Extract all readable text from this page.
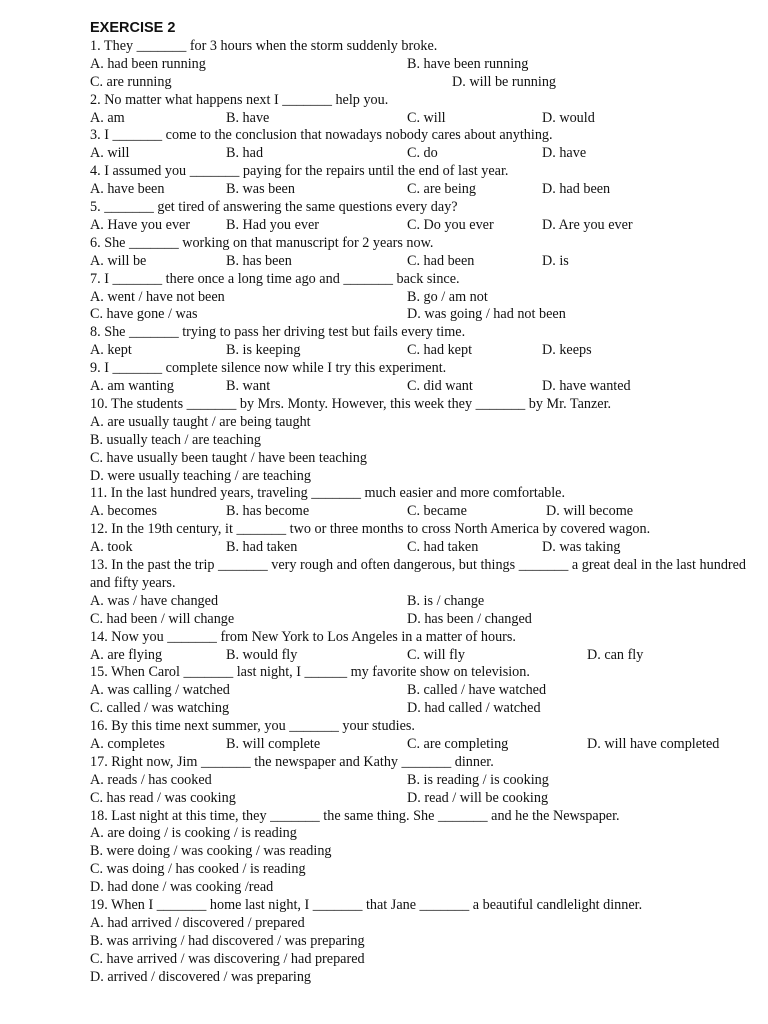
EXERCISE 2
1. They _______ for 3 hours when the storm suddenly broke.
A. had been running	B. have been running
C. are running	D. will be running
2. No matter what happens next I _______ help you.
A. am	B. have	C. will	D. would
3. I _______ come to the conclusion that nowadays nobody cares about anything.
A. will	B. had	C. do	D. have
4. I assumed you _______ paying for the repairs until the end of last year.
A. have been	B. was been	C. are being	D. had been
5. _______ get tired of answering the same questions every day?
A. Have you ever	B. Had you ever	C. Do you ever	D. Are you ever
6. She _______ working on that manuscript for 2 years now.
A. will be	B. has been	C. had been	D. is
7. I _______ there once a long time ago and _______ back since.
A. went / have not been	B. go / am not
C. have gone / was	D. was going / had not been
8. She _______ trying to pass her driving test but fails every time.
A. kept	B. is keeping	C. had kept	D. keeps
9. I _______ complete silence now while I try this experiment.
A. am wanting	B. want	C. did want	D. have wanted
10. The students _______ by Mrs. Monty. However, this week they _______ by Mr. Tanzer.
A. are usually taught / are being taught
B. usually teach / are teaching
C. have usually been taught / have been teaching
D. were usually teaching / are teaching
11. In the last hundred years, traveling _______ much easier and more comfortable.
A. becomes	B. has become	C. became	D. will become
12. In the 19th century, it _______ two or three months to cross North America by covered wagon.
A. took	B. had taken	C. had taken	D. was taking
13. In the past the trip _______ very rough and often dangerous, but things _______ a great deal in the last hundred and fifty years.
A. was / have changed	B. is / change
C. had been / will change	D. has been / changed
14. Now you _______ from New York to Los Angeles in a matter of hours.
A. are flying	B. would fly	C. will fly	D. can fly
15. When Carol _______ last night, I ______ my favorite show on television.
A. was calling / watched	B. called / have watched
C. called / was watching	D. had called / watched
16. By this time next summer, you _______ your studies.
A. completes	B. will complete	C. are completing	D. will have completed
17. Right now, Jim _______ the newspaper and Kathy _______ dinner.
A. reads / has cooked	B. is reading / is cooking
C. has read / was cooking	D. read / will be cooking
18. Last night at this time, they _______ the same thing. She _______ and he the Newspaper.
A. are doing / is cooking / is reading
B. were doing / was cooking / was reading
C. was doing / has cooked / is reading
D. had done / was cooking /read
19. When I _______ home last night, I _______ that Jane _______ a beautiful candlelight dinner.
A. had arrived / discovered / prepared
B. was arriving / had discovered / was preparing
C. have arrived / was discovering / had prepared
D. arrived / discovered / was preparing
